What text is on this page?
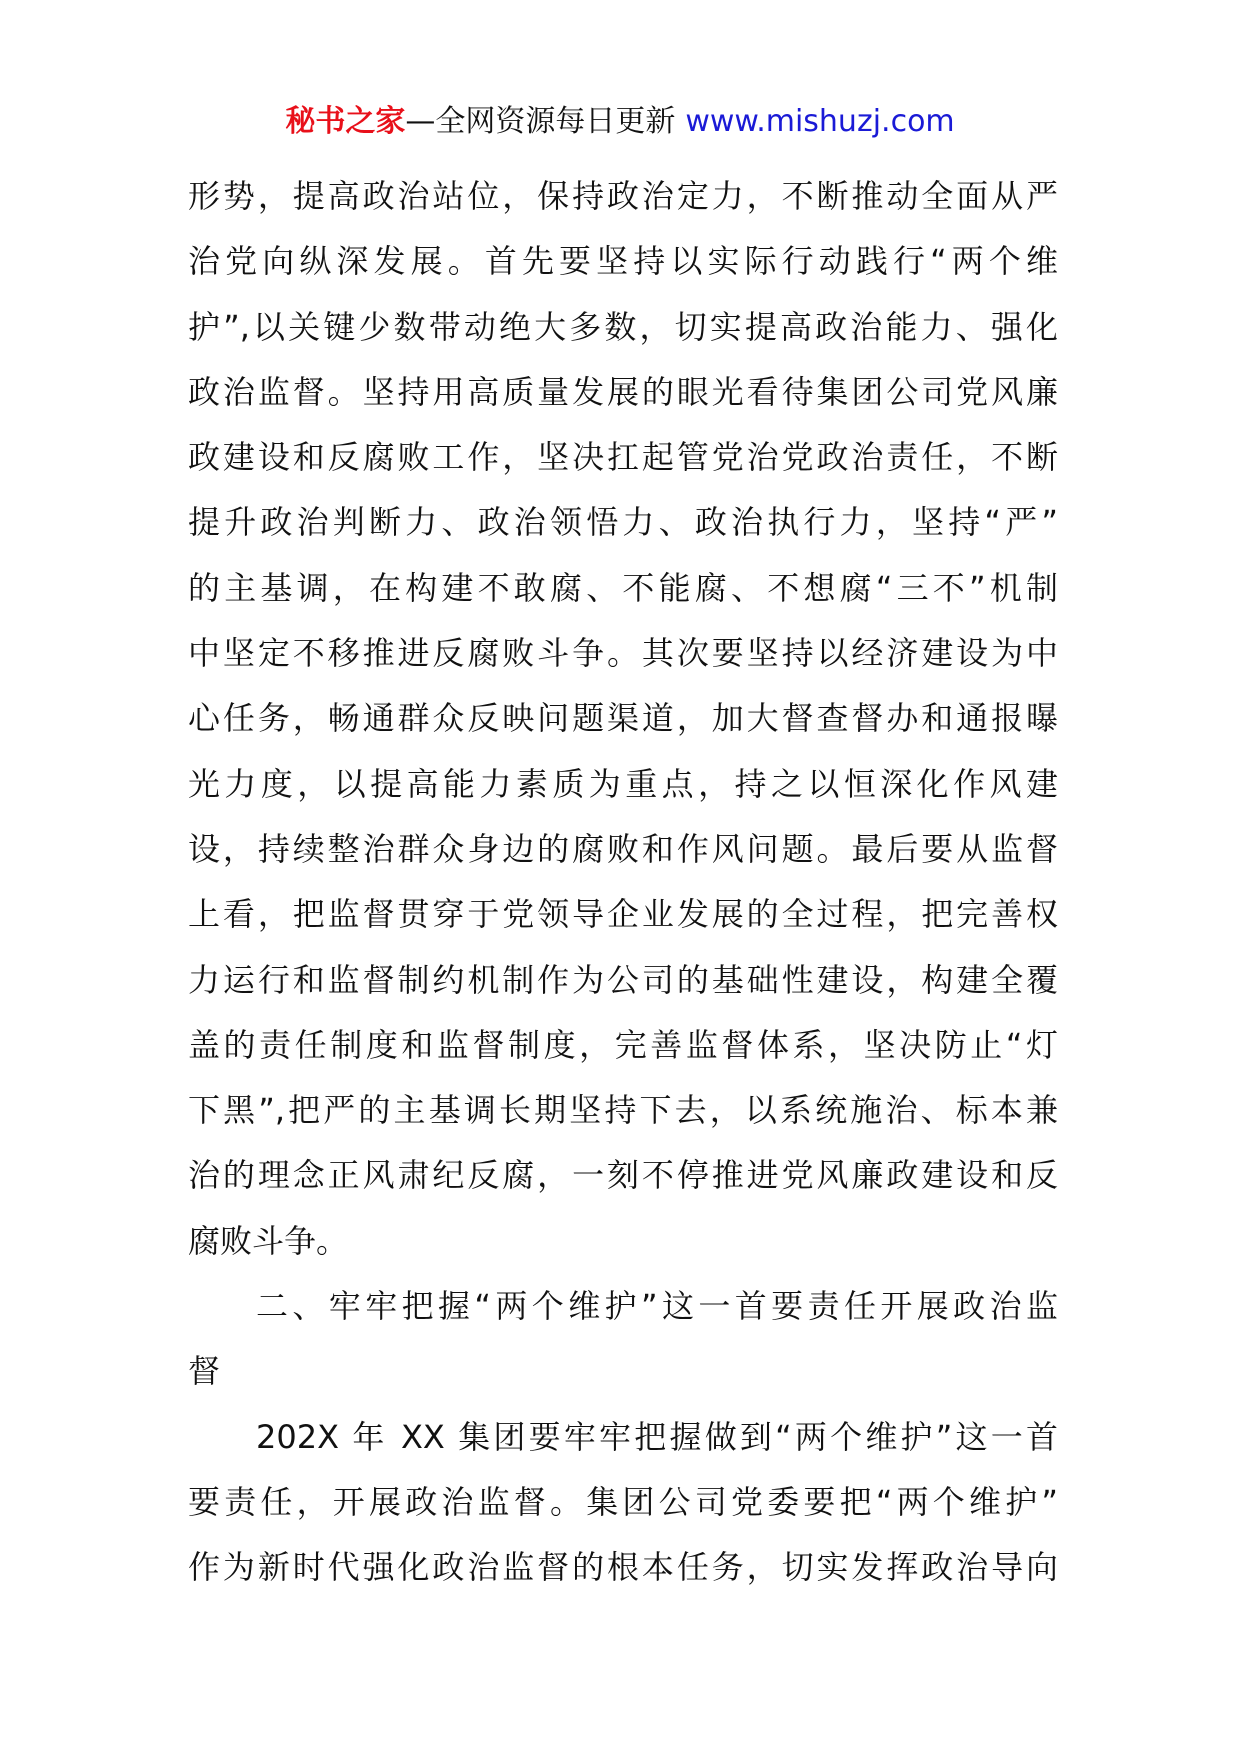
秘书之家—全网资源每日更新 www.mishuzj.com
形势，提高政治站位，保持政治定力，不断推动全面从严
治党向纵深发展。首先要坚持以实际行动践行“两个维
护”,以关键少数带动绝大多数，切实提高政治能力、强化
政治监督。坚持用高质量发展的眼光看待集团公司党风廉
政建设和反腐败工作，坚决扛起管党治党政治责任，不断
提升政治判断力、政治领悟力、政治执行力，坚持“严”
的主基调，在构建不敢腐、不能腐、不想腐“三不”机制
中坚定不移推进反腐败斗争。其次要坚持以经济建设为中
心任务，畅通群众反映问题渠道，加大督查督办和通报曝
光力度，以提高能力素质为重点，持之以恒深化作风建
设，持续整治群众身边的腐败和作风问题。最后要从监督
上看，把监督贯穿于党领导企业发展的全过程，把完善权
力运行和监督制约机制作为公司的基础性建设，构建全覆
盖的责任制度和监督制度，完善监督体系，坚决防止“灯
下黑”,把严的主基调长期坚持下去，以系统施治、标本兼
治的理念正风肃纪反腐，一刻不停推进党风廉政建设和反
腐败斗争。
二、牢牢把握“两个维护”这一首要责任开展政治监
督
202X 年 XX 集团要牢牢把握做到“两个维护”这一首
要责任，开展政治监督。集团公司党委要把“两个维护”
作为新时代强化政治监督的根本任务，切实发挥政治导向
